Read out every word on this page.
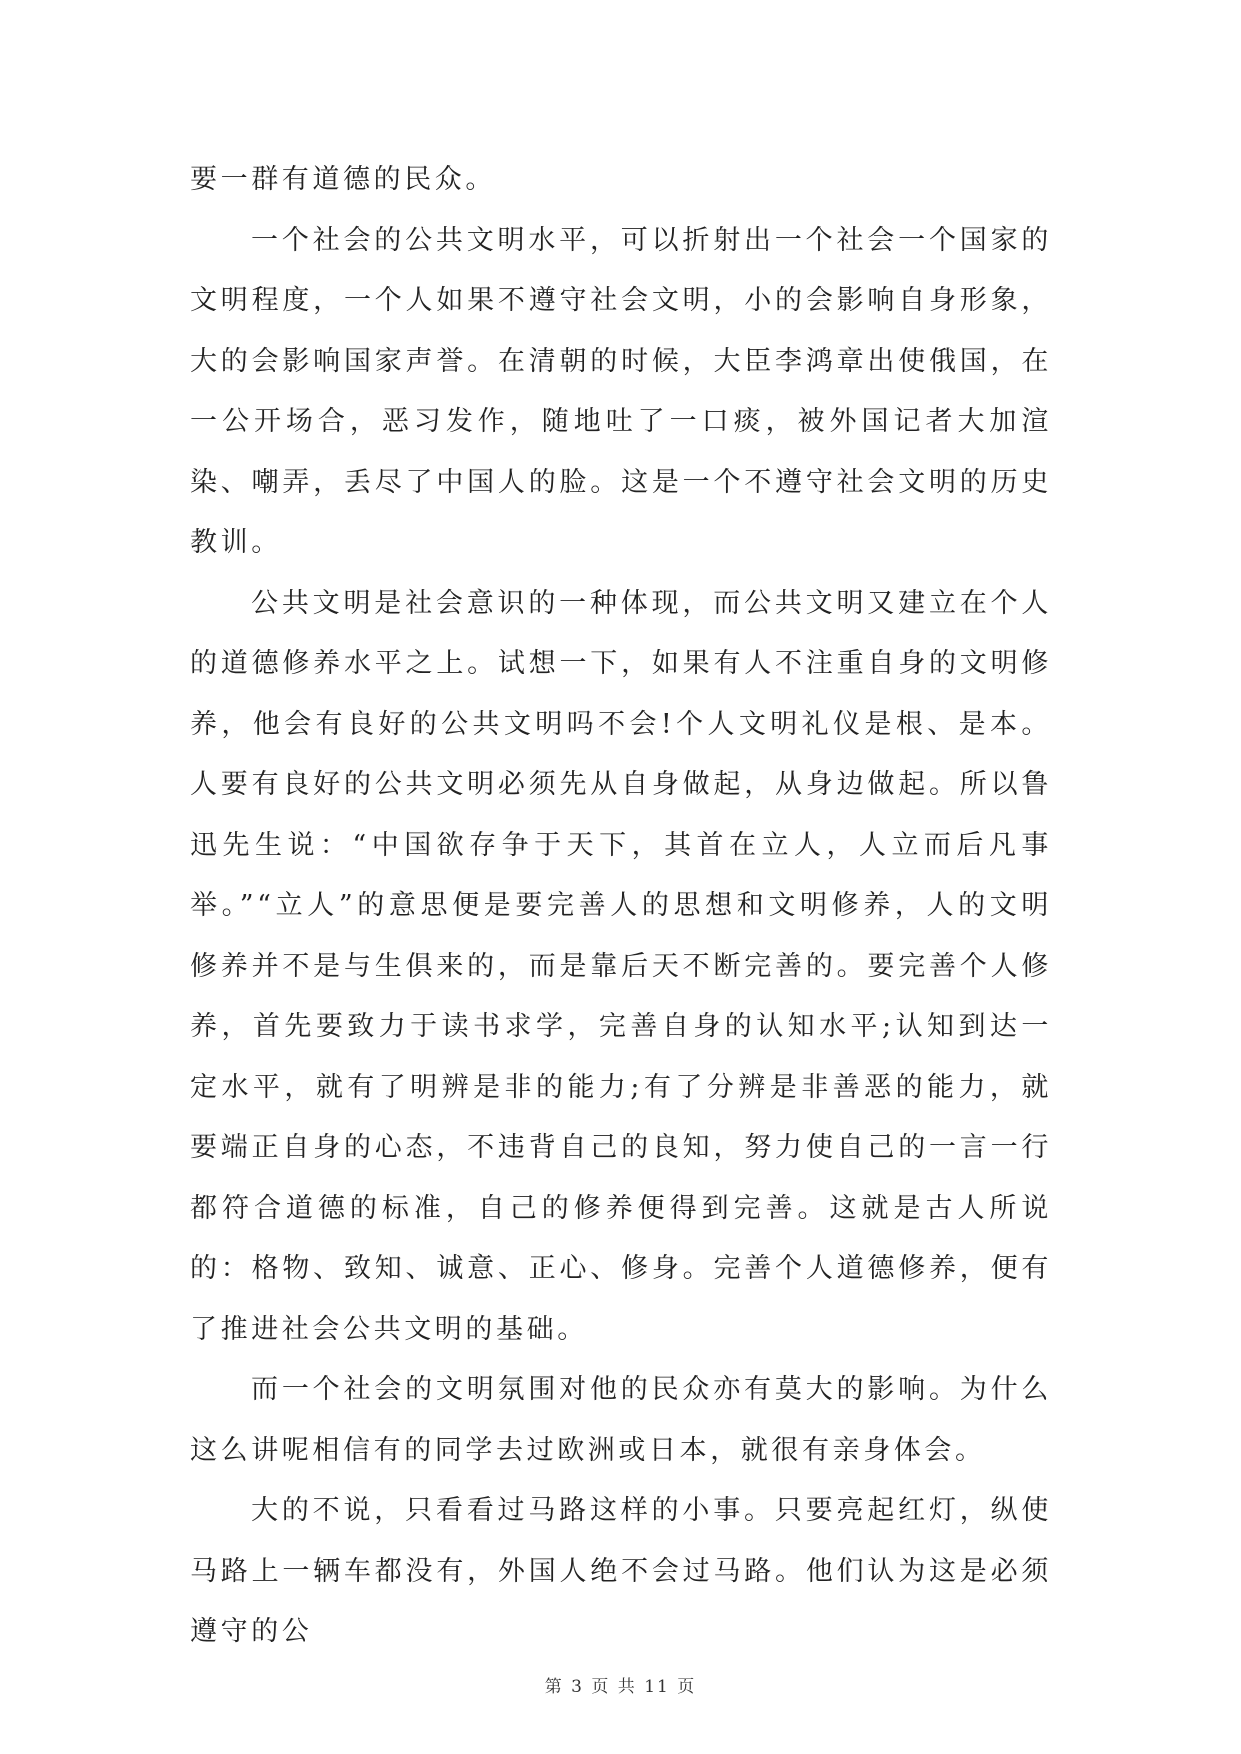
要一群有道德的民众。

一个社会的公共文明水平，可以折射出一个社会一个国家的文明程度，一个人如果不遵守社会文明，小的会影响自身形象，大的会影响国家声誉。在清朝的时候，大臣李鸿章出使俄国，在一公开场合，恶习发作，随地吐了一口痰，被外国记者大加渲染、嘲弄，丢尽了中国人的脸。这是一个不遵守社会文明的历史教训。

公共文明是社会意识的一种体现，而公共文明又建立在个人的道德修养水平之上。试想一下，如果有人不注重自身的文明修养，他会有良好的公共文明吗不会!个人文明礼仪是根、是本。人要有良好的公共文明必须先从自身做起，从身边做起。所以鲁迅先生说：“中国欲存争于天下，其首在立人，人立而后凡事举。”“立人”的意思便是要完善人的思想和文明修养，人的文明修养并不是与生俱来的，而是靠后天不断完善的。要完善个人修养，首先要致力于读书求学，完善自身的认知水平;认知到达一定水平，就有了明辨是非的能力;有了分辨是非善恶的能力，就要端正自身的心态，不违背自己的良知，努力使自己的一言一行都符合道德的标准，自己的修养便得到完善。这就是古人所说的：格物、致知、诚意、正心、修身。完善个人道德修养，便有了推进社会公共文明的基础。

而一个社会的文明氛围对他的民众亦有莫大的影响。为什么这么讲呢相信有的同学去过欧洲或日本，就很有亲身体会。

大的不说，只看看过马路这样的小事。只要亮起红灯，纵使马路上一辆车都没有，外国人绝不会过马路。他们认为这是必须遵守的公

第 3 页 共 11 页
